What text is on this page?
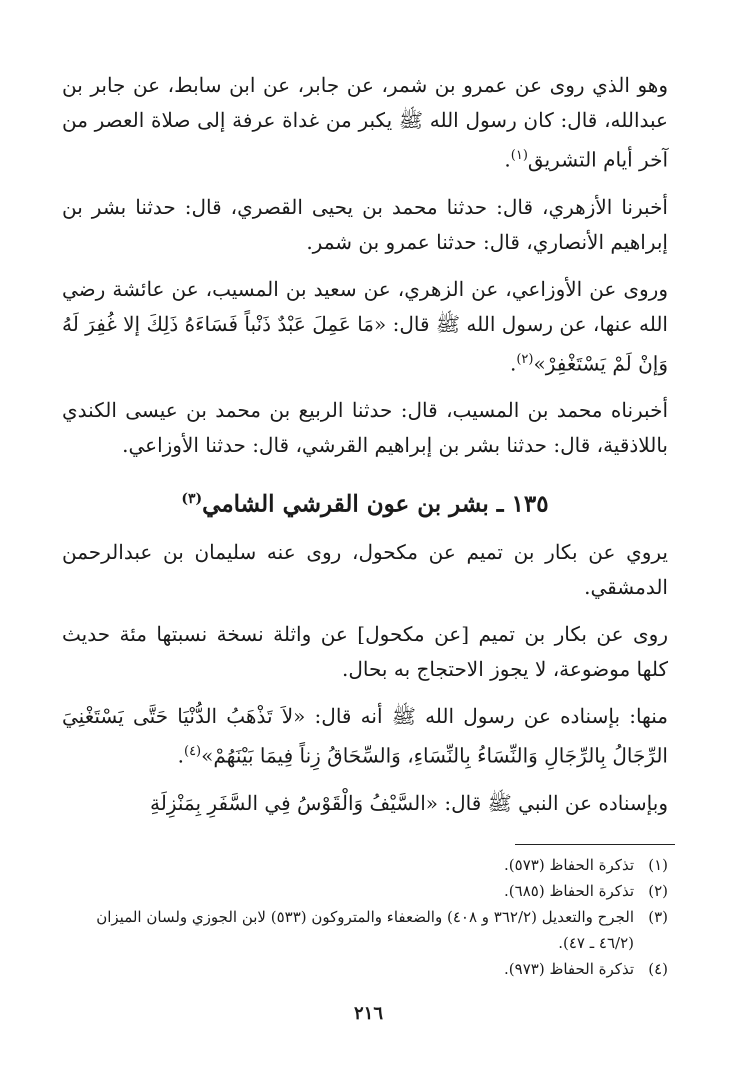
وهو الذي روى عن عمرو بن شمر، عن جابر، عن ابن سابط، عن جابر بن عبدالله، قال: كان رسول الله ﷺ يكبر من غداة عرفة إلى صلاة العصر من آخر أيام التشريق$^{(١)}$.

أخبرنا الأزهري، قال: حدثنا محمد بن يحيى القصري، قال: حدثنا بشر بن إبراهيم الأنصاري، قال: حدثنا عمرو بن شمر.

وروى عن الأوزاعي، عن الزهري، عن سعيد بن المسيب، عن عائشة رضي الله عنها، عن رسول الله ﷺ قال: «مَا عَمِلَ عَبْدٌ ذَنْباً فَسَاءَهُ ذَلِكَ إلا غُفِرَ لَهُ وَإنْ لَمْ يَسْتَغْفِرْ»$^{(٢)}$.

أخبرناه محمد بن المسيب، قال: حدثنا الربيع بن محمد بن عيسى الكندي باللاذقية، قال: حدثنا بشر بن إبراهيم القرشي، قال: حدثنا الأوزاعي.

١٣٥ ـ بشر بن عون القرشي الشامي$^{(٣)}$

يروي عن بكار بن تميم عن مكحول، روى عنه سليمان بن عبدالرحمن الدمشقي.

روى عن بكار بن تميم [عن مكحول] عن واثلة نسخة نسبتها مئة حديث كلها موضوعة، لا يجوز الاحتجاج به بحال.

منها: بإسناده عن رسول الله ﷺ أنه قال: «لاَ تَذْهَبُ الدُّنْيَا حَتَّى يَسْتَغْنِيَ الرِّجَالُ بِالرِّجَالِ وَالنِّسَاءُ بِالنِّسَاءِ، وَالسِّحَاقُ زِناً فِيمَا بَيْنَهُمْ»$^{(٤)}$.

وبإسناده عن النبي ﷺ قال: «السَّيْفُ وَالْقَوْسُ فِي السَّفَرِ بِمَنْزِلَةِ

(١)
تذكرة الحفاظ (٥٧٣).
(٢)
تذكرة الحفاظ (٦٨٥).
(٣)
الجرح والتعديل (٣٦٢/٢ و ٤٠٨) والضعفاء والمتروكون (٥٣٣) لابن الجوزي ولسان الميزان (٤٦/٢ ـ ٤٧).
(٤)
تذكرة الحفاظ (٩٧٣).
٢١٦
